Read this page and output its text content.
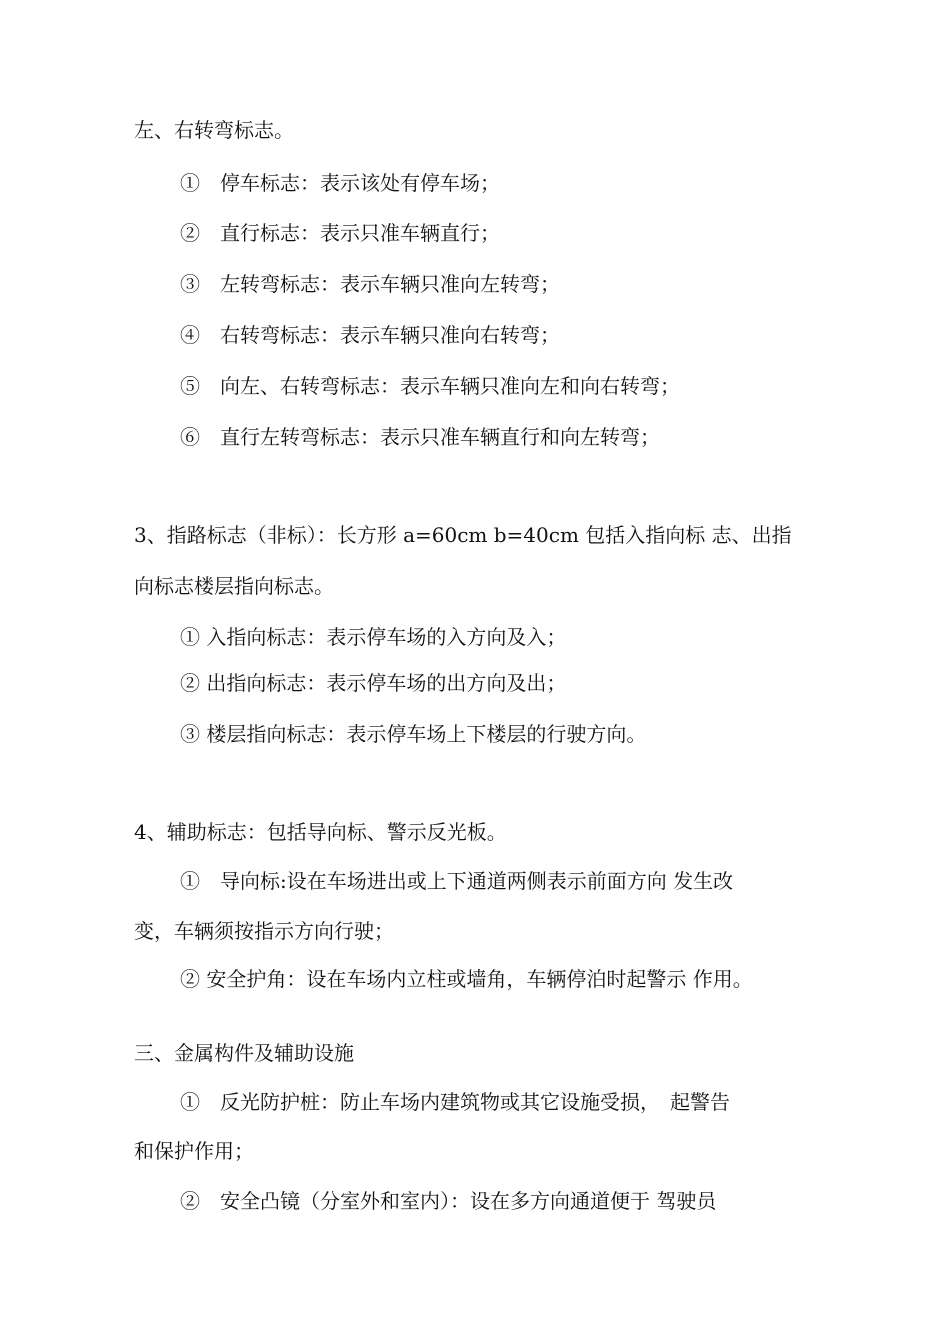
左、右转弯标志。
①　停车标志：表示该处有停车场；
②　直行标志：表示只准车辆直行；
③　左转弯标志：表示车辆只准向左转弯；
④　右转弯标志：表示车辆只准向右转弯；
⑤　向左、右转弯标志：表示车辆只准向左和向右转弯；
⑥　直行左转弯标志：表示只准车辆直行和向左转弯；
3、指路标志（非标）：长方形 a=60cm b=40cm 包括入指向标 志、出指
向标志楼层指向标志。
① 入指向标志：表示停车场的入方向及入；
② 出指向标志：表示停车场的出方向及出；
③ 楼层指向标志：表示停车场上下楼层的行驶方向。
4、辅助标志：包括导向标、警示反光板。
①　导向标:设在车场进出或上下通道两侧表示前面方向 发生改
变，车辆须按指示方向行驶；
② 安全护角：设在车场内立柱或墙角，车辆停泊时起警示 作用。
三、金属构件及辅助设施
①　反光防护桩：防止车场内建筑物或其它设施受损，　起警告
和保护作用；
②　安全凸镜（分室外和室内）：设在多方向通道便于 驾驶员
